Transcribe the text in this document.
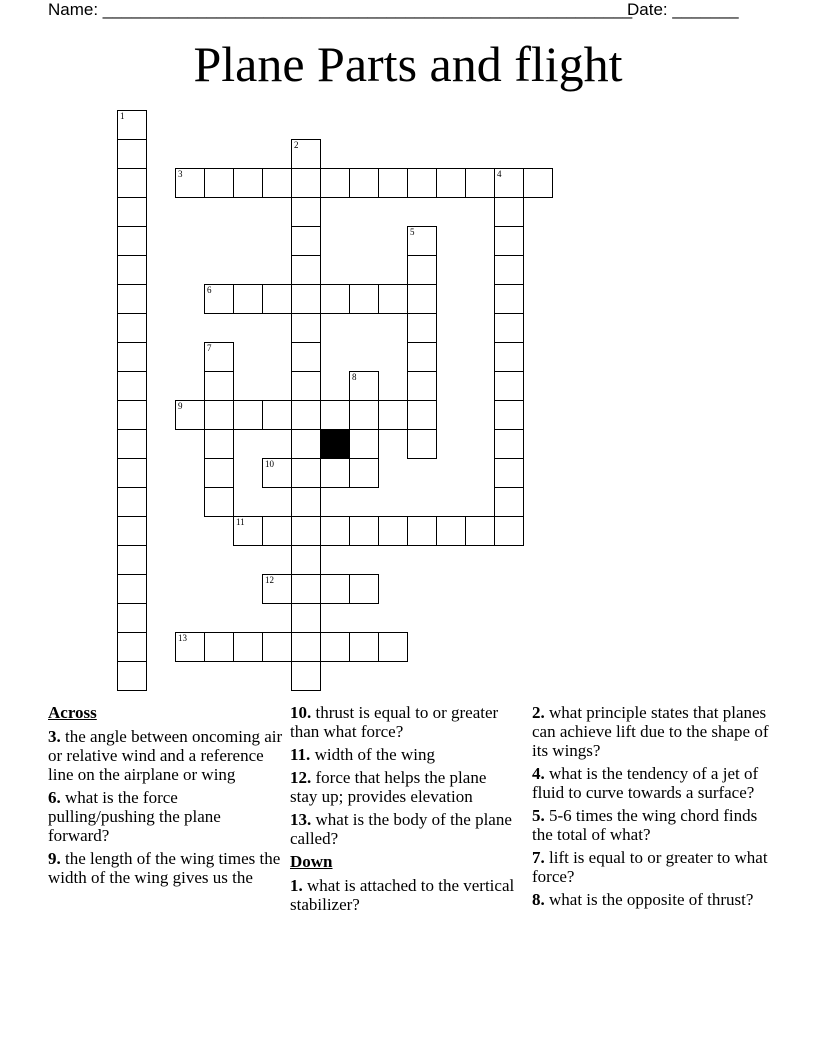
Name: ________________________________________________________
Date: _______
Plane Parts and flight
1
2
3	4
5
6
7
8
9
10
11
12
13
Across
3. the angle between oncoming air or relative wind and a reference line on the airplane or wing
6. what is the force pulling/pushing the plane forward?
9. the length of the wing times the width of the wing gives us the
10. thrust is equal to or greater than what force?
11. width of the wing
12. force that helps the plane stay up; provides elevation
13. what is the body of the plane called?
Down
1. what is attached to the vertical stabilizer?
2. what principle states that planes can achieve lift due to the shape of its wings?
4. what is the tendency of a jet of fluid to curve towards a surface?
5. 5-6 times the wing chord finds the total of what?
7. lift is equal to or greater to what force?
8. what is the opposite of thrust?
